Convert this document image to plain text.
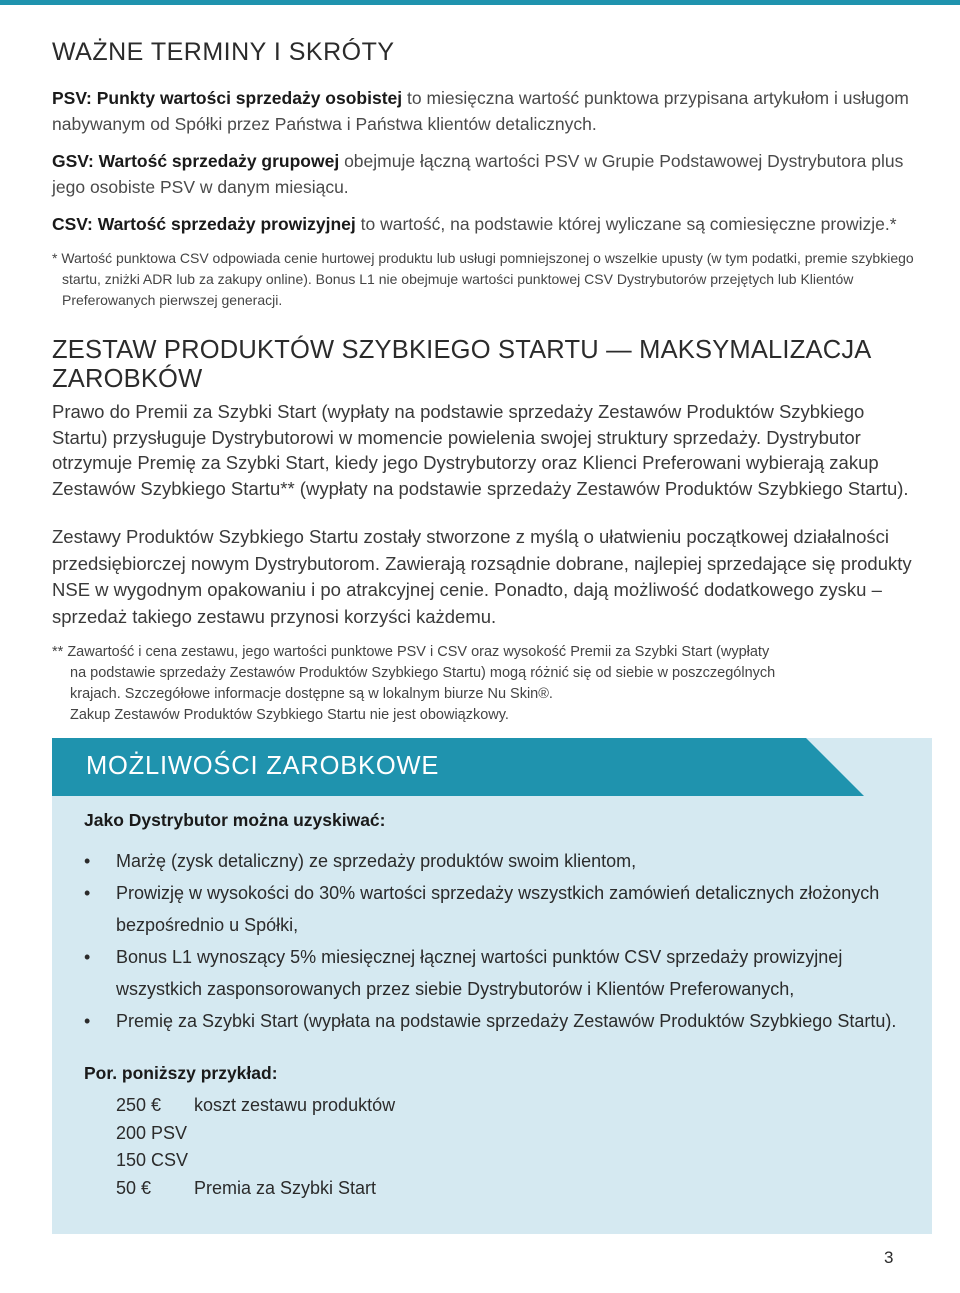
WAŻNE TERMINY I SKRÓTY

PSV: Punkty wartości sprzedaży osobistej to miesięczna wartość punktowa przypisana artykułom i usługom nabywanym od Spółki przez Państwa i Państwa klientów detalicznych.

GSV: Wartość sprzedaży grupowej obejmuje łączną wartości PSV w Grupie Podstawowej Dystrybutora plus jego osobiste PSV w danym miesiącu.

CSV: Wartość sprzedaży prowizyjnej to wartość, na podstawie której wyliczane są comiesięczne prowizje.*

* Wartość punktowa CSV odpowiada cenie hurtowej produktu lub usługi pomniejszonej o wszelkie upusty (w tym podatki, premie szybkiego startu, zniżki ADR lub za zakupy online). Bonus L1 nie obejmuje wartości punktowej CSV Dystrybutorów przejętych lub Klientów Preferowanych pierwszej generacji.

ZESTAW PRODUKTÓW SZYBKIEGO STARTU — MAKSYMALIZACJA ZAROBKÓW

Prawo do Premii za Szybki Start (wypłaty na podstawie sprzedaży Zestawów Produktów Szybkiego Startu) przysługuje Dystrybutorowi w momencie powielenia swojej struktury sprzedaży. Dystrybutor otrzymuje Premię za Szybki Start, kiedy jego Dystrybutorzy oraz Klienci Preferowani wybierają zakup Zestawów Szybkiego Startu** (wypłaty na podstawie sprzedaży Zestawów Produktów Szybkiego Startu).

Zestawy Produktów Szybkiego Startu zostały stworzone z myślą o ułatwieniu początkowej działalności przedsiębiorczej nowym Dystrybutorom. Zawierają rozsądnie dobrane, najlepiej sprzedające się produkty NSE w wygodnym opakowaniu i po atrakcyjnej cenie. Ponadto, dają możliwość dodatkowego zysku – sprzedaż takiego zestawu przynosi korzyści każdemu.

** Zawartość i cena zestawu, jego wartości punktowe PSV i CSV oraz wysokość Premii za Szybki Start (wypłaty
na podstawie sprzedaży Zestawów Produktów Szybkiego Startu) mogą różnić się od siebie w poszczególnych
krajach. Szczegółowe informacje dostępne są w lokalnym biurze Nu Skin®.
Zakup Zestawów Produktów Szybkiego Startu nie jest obowiązkowy.

MOŻLIWOŚCI ZAROBKOWE

Jako Dystrybutor można uzyskiwać:

• Marżę (zysk detaliczny) ze sprzedaży produktów swoim klientom,
• Prowizję w wysokości do 30% wartości sprzedaży wszystkich zamówień detalicznych złożonych bezpośrednio u Spółki,
• Bonus L1 wynoszący 5% miesięcznej łącznej wartości punktów CSV sprzedaży prowizyjnej wszystkich zasponsorowanych przez siebie Dystrybutorów i Klientów Preferowanych,
• Premię za Szybki Start (wypłata na podstawie sprzedaży Zestawów Produktów Szybkiego Startu).

Por. poniższy przykład:

250 € koszt zestawu produktów
200 PSV
150 CSV
50 € Premia za Szybki Start
3
